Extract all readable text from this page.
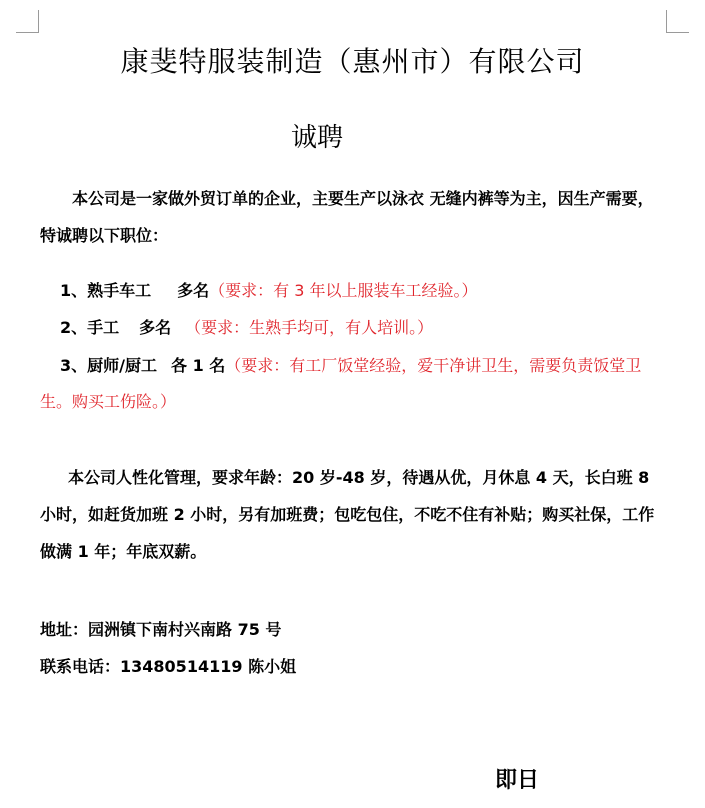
康斐特服装制造（惠州市）有限公司
诚聘

本公司是一家做外贸订单的企业，主要生产以泳衣 无缝内裤等为主，因生产需要，特诚聘以下职位：

1、熟手车工 多名（要求：有 3 年以上服装车工经验。）
2、手工 多名 （要求：生熟手均可，有人培训。）
3、厨师/厨工 各 1 名（要求：有工厂饭堂经验，爱干净讲卫生，需要负责饭堂卫生。购买工伤险。）

本公司人性化管理，要求年龄：20 岁-48 岁，待遇从优，月休息 4 天，长白班 8 小时，如赶货加班 2 小时，另有加班费；包吃包住，不吃不住有补贴；购买社保，工作做满 1 年；年底双薪。

地址：园洲镇下南村兴南路 75 号
联系电话：13480514119 陈小姐
即日
